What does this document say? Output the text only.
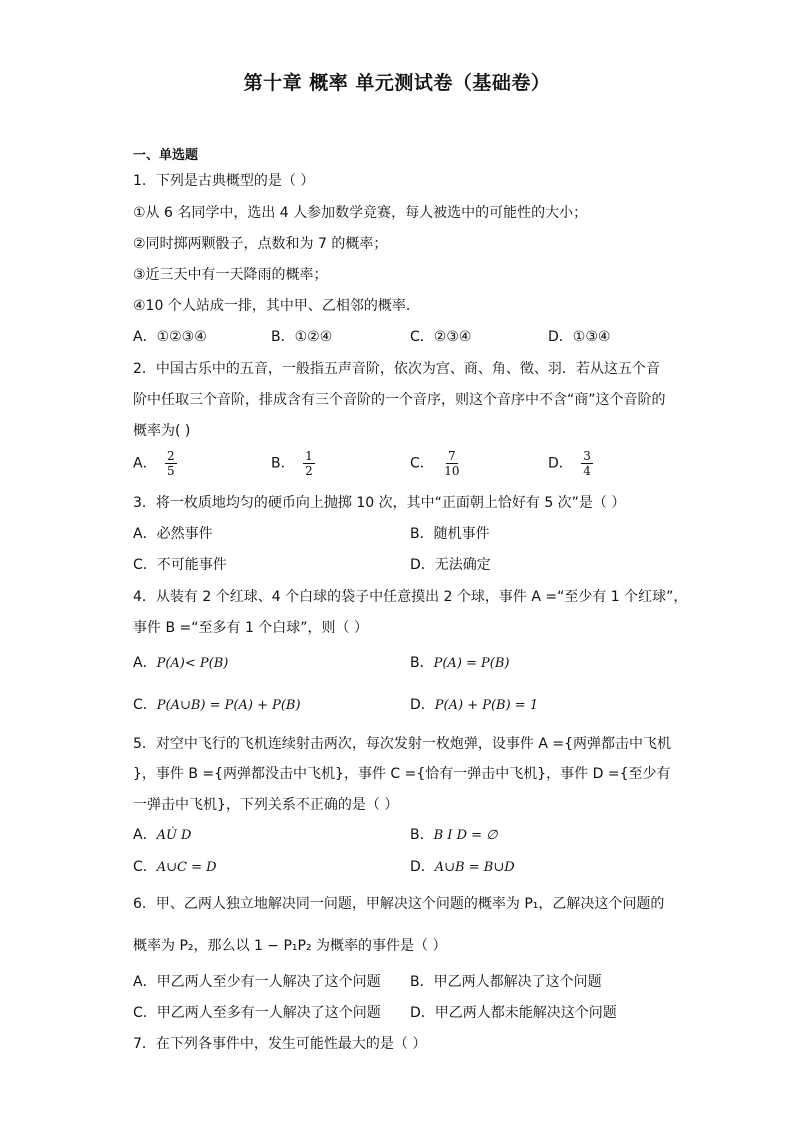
第十章 概率 单元测试卷（基础卷）
一、单选题
1．下列是古典概型的是（ ）
①从 6 名同学中，选出 4 人参加数学竞赛，每人被选中的可能性的大小；
②同时掷两颗骰子，点数和为 7 的概率；
③近三天中有一天降雨的概率；
④10 个人站成一排，其中甲、乙相邻的概率.
A．①②③④	B．①②④	C．②③④	D．①③④
2．中国古乐中的五音，一般指五声音阶，依次为宫、商、角、徵、羽．若从这五个音
阶中任取三个音阶，排成含有三个音阶的一个音序，则这个音序中不含“商”这个音阶的
概率为( )
A． $\frac{2}{5}$	B． $\frac{1}{2}$	C． $\frac{7}{10}$	D． $\frac{3}{4}$
3．将一枚质地均匀的硬币向上抛掷 10 次，其中“正面朝上恰好有 5 次”是（ ）
A．必然事件	B．随机事件
C．不可能事件	D．无法确定
4．从装有 2 个红球、4 个白球的袋子中任意摸出 2 个球，事件 A =“至少有 1 个红球”，
事件 B =“至多有 1 个白球”，则（ ）
A．P(A)< P(B)	B．P(A) = P(B)
C．P(A∪B) = P(A) + P(B)	D．P(A) + P(B) = 1
5．对空中飞行的飞机连续射击两次，每次发射一枚炮弹，设事件 A ={两弹都击中飞机
}，事件 B ={两弹都没击中飞机}，事件 C ={恰有一弹击中飞机}，事件 D ={至少有
一弹击中飞机}，下列关系不正确的是（ ）
A．AÙ D	B．B I D = ∅
C．A∪C = D	D．A∪B = B∪D
6．甲、乙两人独立地解决同一问题，甲解决这个问题的概率为 P₁，乙解决这个问题的
概率为 P₂，那么以 1 − P₁P₂ 为概率的事件是（ ）
A．甲乙两人至少有一人解决了这个问题 B．甲乙两人都解决了这个问题
C．甲乙两人至多有一人解决了这个问题 D．甲乙两人都未能解决这个问题
7．在下列各事件中，发生可能性最大的是（ ）
